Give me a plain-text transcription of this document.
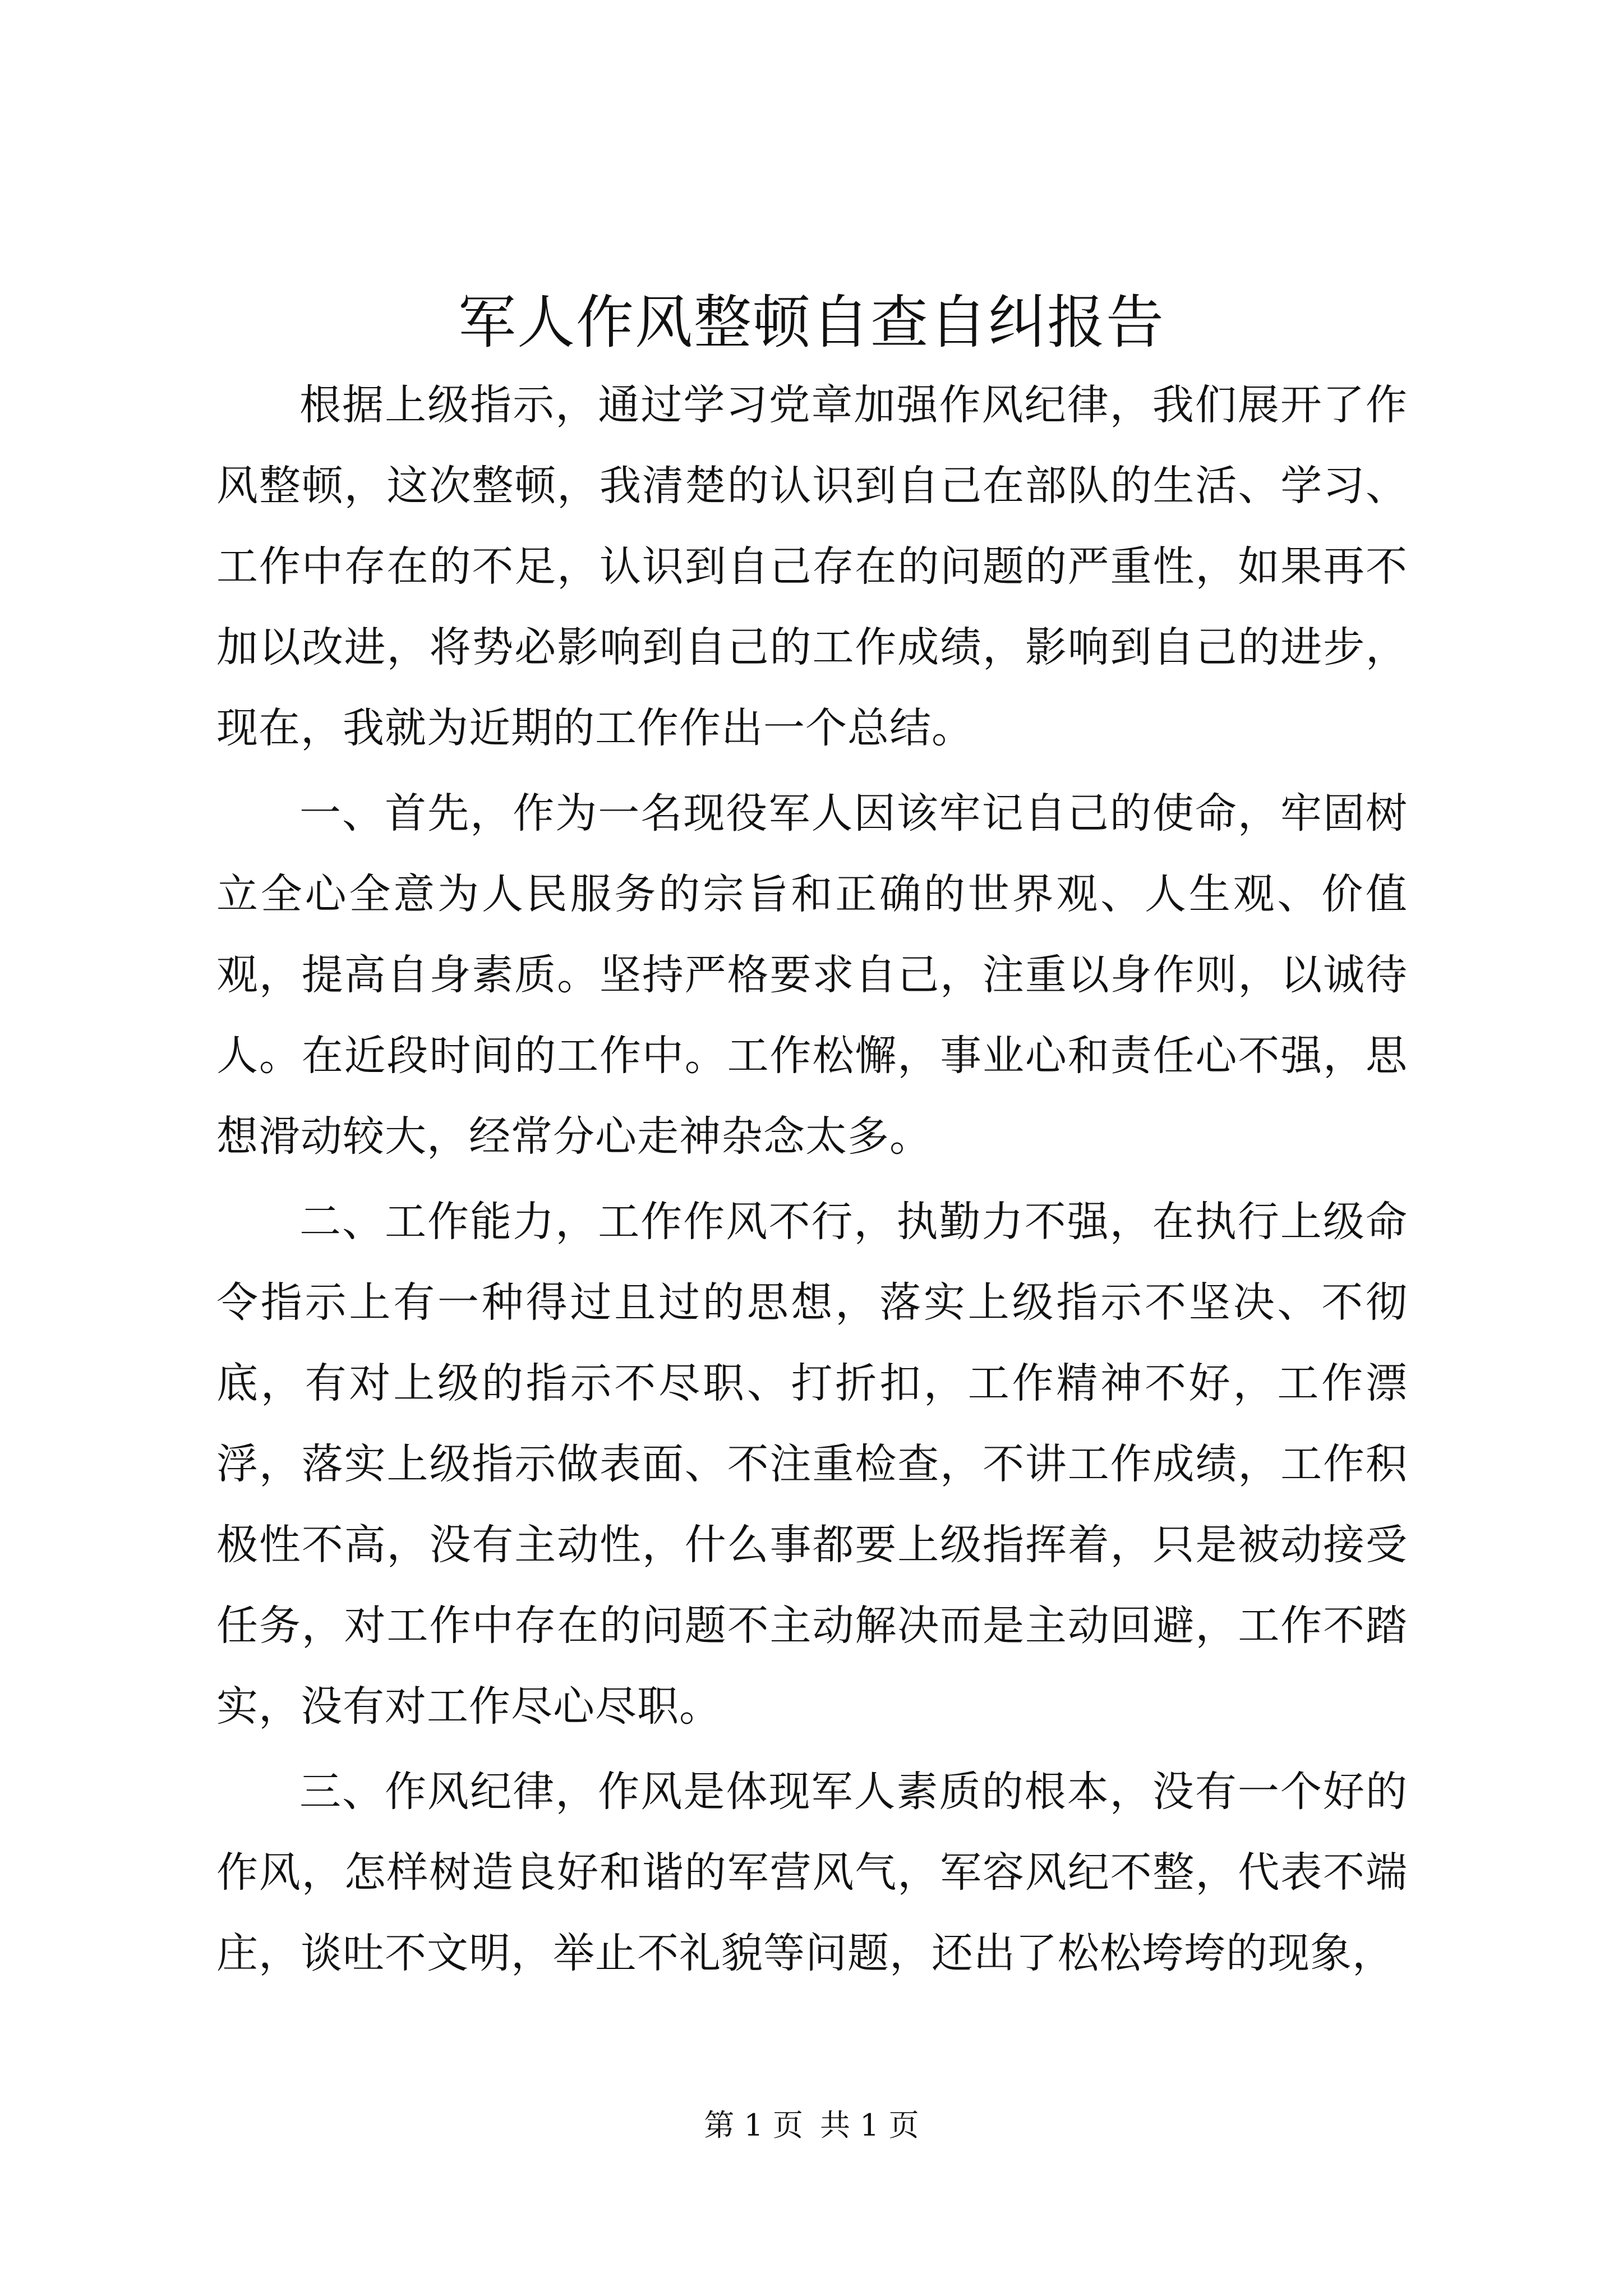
军人作风整顿自查自纠报告

根据上级指示，通过学习党章加强作风纪律，我们展开了作风整顿，这次整顿，我清楚的认识到自己在部队的生活、学习、工作中存在的不足，认识到自己存在的问题的严重性，如果再不加以改进，将势必影响到自己的工作成绩，影响到自己的进步，现在，我就为近期的工作作出一个总结。

一、首先，作为一名现役军人因该牢记自己的使命，牢固树立全心全意为人民服务的宗旨和正确的世界观、人生观、价值观，提高自身素质。坚持严格要求自己，注重以身作则，以诚待人。在近段时间的工作中。工作松懈，事业心和责任心不强，思想滑动较大，经常分心走神杂念太多。

二、工作能力，工作作风不行，执勤力不强，在执行上级命令指示上有一种得过且过的思想，落实上级指示不坚决、不彻底，有对上级的指示不尽职、打折扣，工作精神不好，工作漂浮，落实上级指示做表面、不注重检查，不讲工作成绩，工作积极性不高，没有主动性，什么事都要上级指挥着，只是被动接受任务，对工作中存在的问题不主动解决而是主动回避，工作不踏实，没有对工作尽心尽职。

三、作风纪律，作风是体现军人素质的根本，没有一个好的作风，怎样树造良好和谐的军营风气，军容风纪不整，代表不端庄，谈吐不文明，举止不礼貌等问题，还出了松松垮垮的现象，

第 1 页 共 1 页
